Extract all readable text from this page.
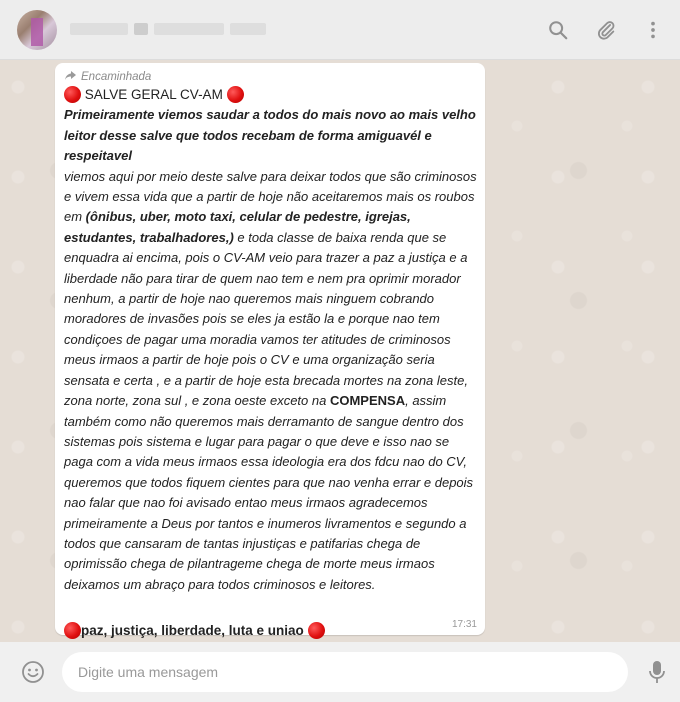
Encaminhada

SALVE GERAL CV-AM

Primeiramente viemos saudar a todos do mais novo ao mais velho leitor desse salve que todos recebam de forma amiguavél e respeitavel

viemos aqui por meio deste salve para deixar todos que são criminosos e vivem essa vida que a partir de hoje não aceitaremos mais os roubos em (ônibus, uber, moto taxi, celular de pedestre, igrejas, estudantes, trabalhadores,) e toda classe de baixa renda que se enquadra ai encima, pois o CV-AM veio para trazer a paz a justiça e a liberdade não para tirar de quem nao tem e nem pra oprimir morador nenhum, a partir de hoje nao queremos mais ninguem cobrando moradores de invasões pois se eles ja estão la e porque nao tem condiçoes de pagar uma moradia vamos ter atitudes de criminosos meus irmaos a partir de hoje pois o CV e uma organização seria sensata e certa , e a partir de hoje esta brecada mortes na zona leste, zona norte, zona sul , e zona oeste exceto na COMPENSA, assim também como não queremos mais derramanto de sangue dentro dos sistemas pois sistema e lugar para pagar o que deve e isso nao se paga com a vida meus irmaos essa ideologia era dos fdcu nao do CV, queremos que todos fiquem cientes para que nao venha errar e depois nao falar que nao foi avisado entao meus irmaos agradecemos primeiramente a Deus por tantos e inumeros livramentos e segundo a todos que cansaram de tantas injustiças e patifarias chega de oprimissão chega de pilantrageme chega de morte meus irmaos deixamos um abraço para todos criminosos e leitores.

paz, justiça, liberdade, luta e uniao	17:31
Digite uma mensagem
